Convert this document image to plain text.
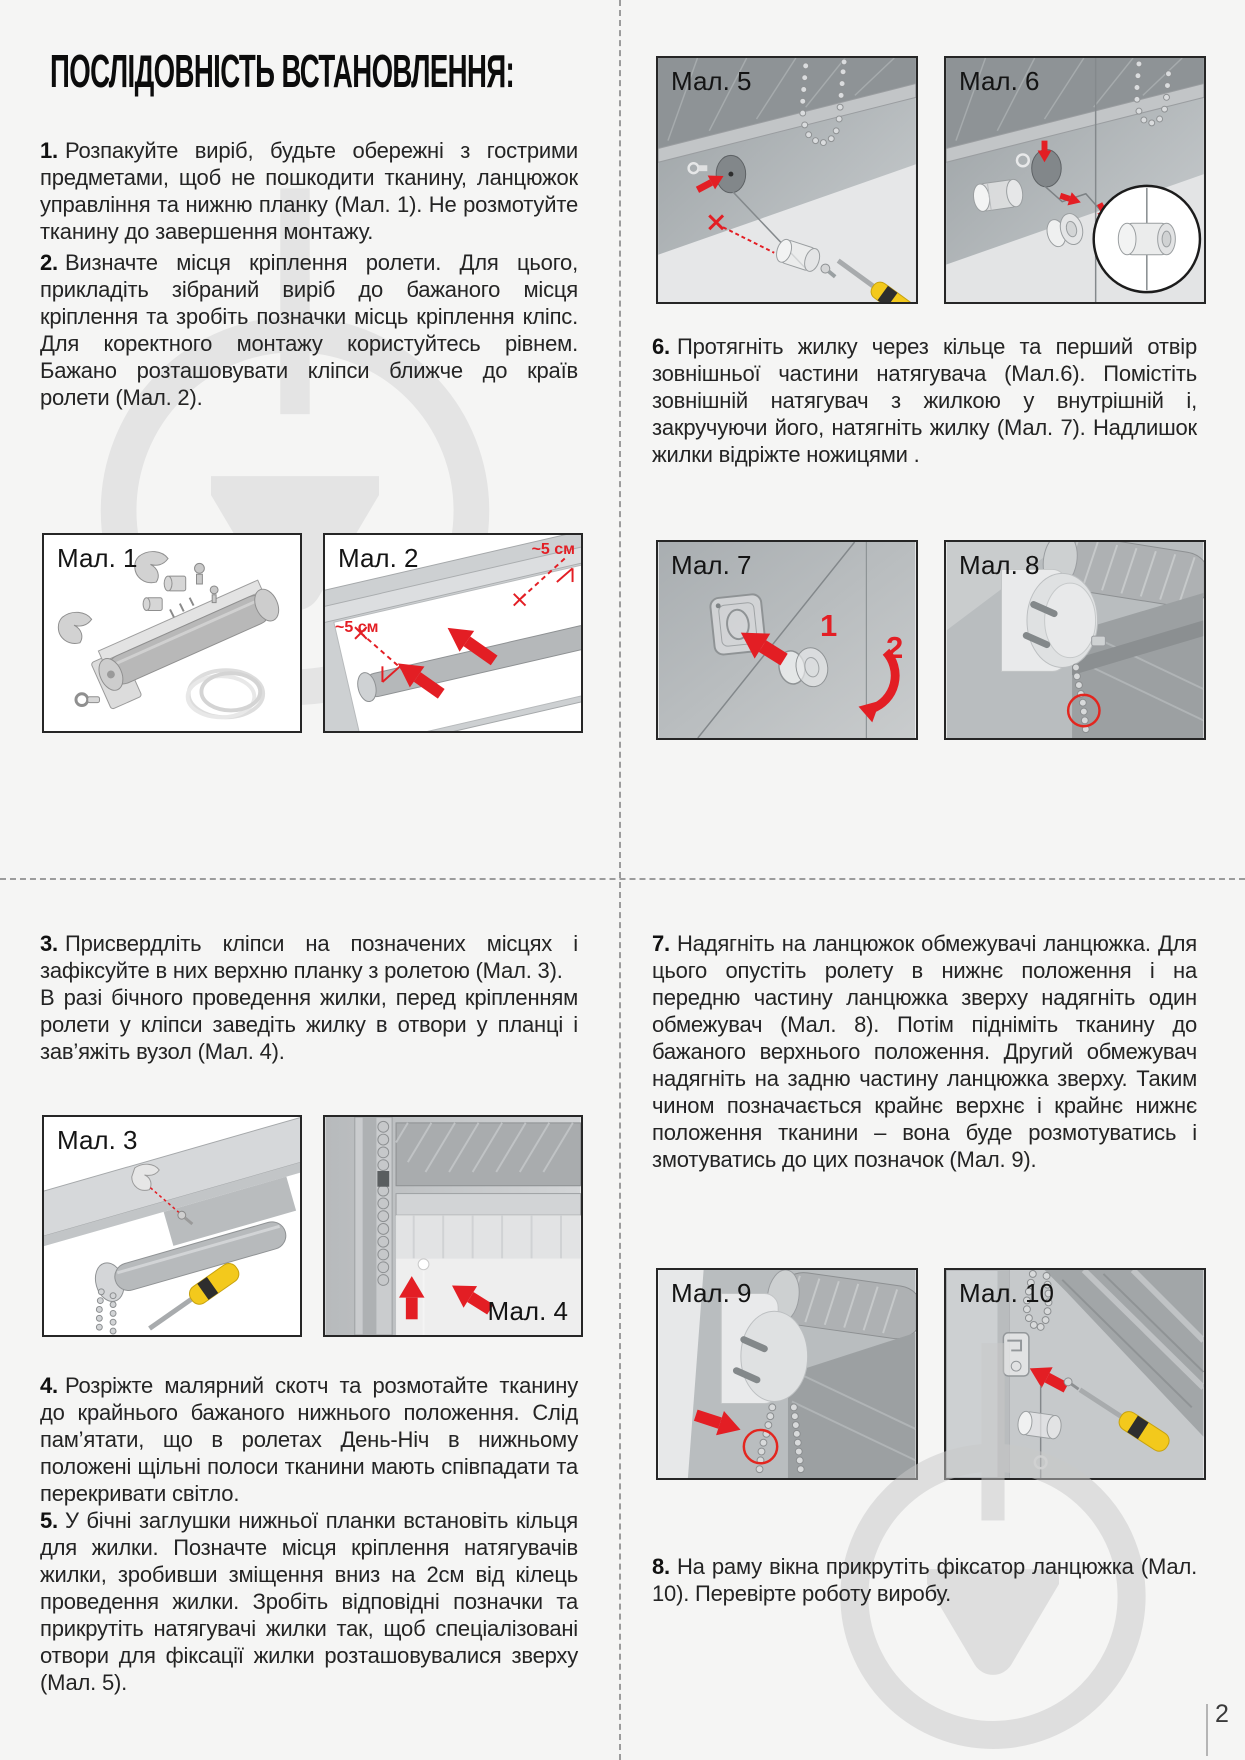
ПОСЛІДОВНІСТЬ ВСТАНОВЛЕННЯ:

1. Розпакуйте виріб, будьте обережні з гострими предметами, щоб не пошкодити тканину, ланцюжок управління та нижню планку (Мал. 1). Не розмотуйте тканину до завершення монтажу.

2. Визначте місця кріплення ролети. Для цього, прикладіть зібраний виріб до бажаного місця кріплення та зробіть позначки місць кріплення кліпс. Для коректного монтажу користуйтесь рівнем. Бажано розташовувати кліпси ближче до країв ролети (Мал. 2).

6. Протягніть жилку через кільце та перший отвір зовнішньої частини натягувача (Мал.6). Помістіть зовнішній натягувач з жилкою у внутрішній і, закручуючи його, натягніть жилку (Мал. 7). Надлишок жилки відріжте ножицями .

3. Присвердліть кліпси на позначених місцях і зафіксуйте в них верхню планку з ролетою (Мал. 3).

В разі бічного проведення жилки, перед кріпленням ролети у кліпси заведіть жилку в отвори у планці і зав’яжіть вузол (Мал. 4).

4. Розріжте малярний скотч та розмотайте тканину до крайнього бажаного нижнього положення. Слід пам’ятати, що в ролетах День-Ніч в нижньому положені щільні полоси тканини мають співпадати та перекривати світло.

5. У бічні заглушки нижньої планки встановіть кільця для жилки. Позначте місця кріплення натягувачів жилки, зробивши зміщення вниз на 2см від кілець проведення жилки. Зробіть відповідні позначки та прикрутіть натягувачі жилки так, щоб спеціалізовані отвори для фіксації жилки розташовувалися зверху (Мал. 5).

7. Надягніть на ланцюжок обмежувачі ланцюжка. Для цього опустіть ролету в нижнє положення і на передню частину ланцюжка зверху надягніть один обмежувач (Мал. 8). Потім підніміть тканину до бажаного верхнього положення. Другий обмежувач надягніть на задню частину ланцюжка зверху. Таким чином позначається крайнє верхнє і крайнє нижнє положення тканини – вона буде розмотуватись і змотуватись до цих позначок (Мал. 9).

8. На раму вікна прикрутіть фіксатор ланцюжка (Мал. 10). Перевірте роботу виробу.

Мал. 1	Мал. 2	~5 см
~5 см
Мал. 3
Мал. 4
Мал. 5	Мал. 6
Мал. 7
1
2
Мал. 8
Мал. 9	Мал. 10
2
